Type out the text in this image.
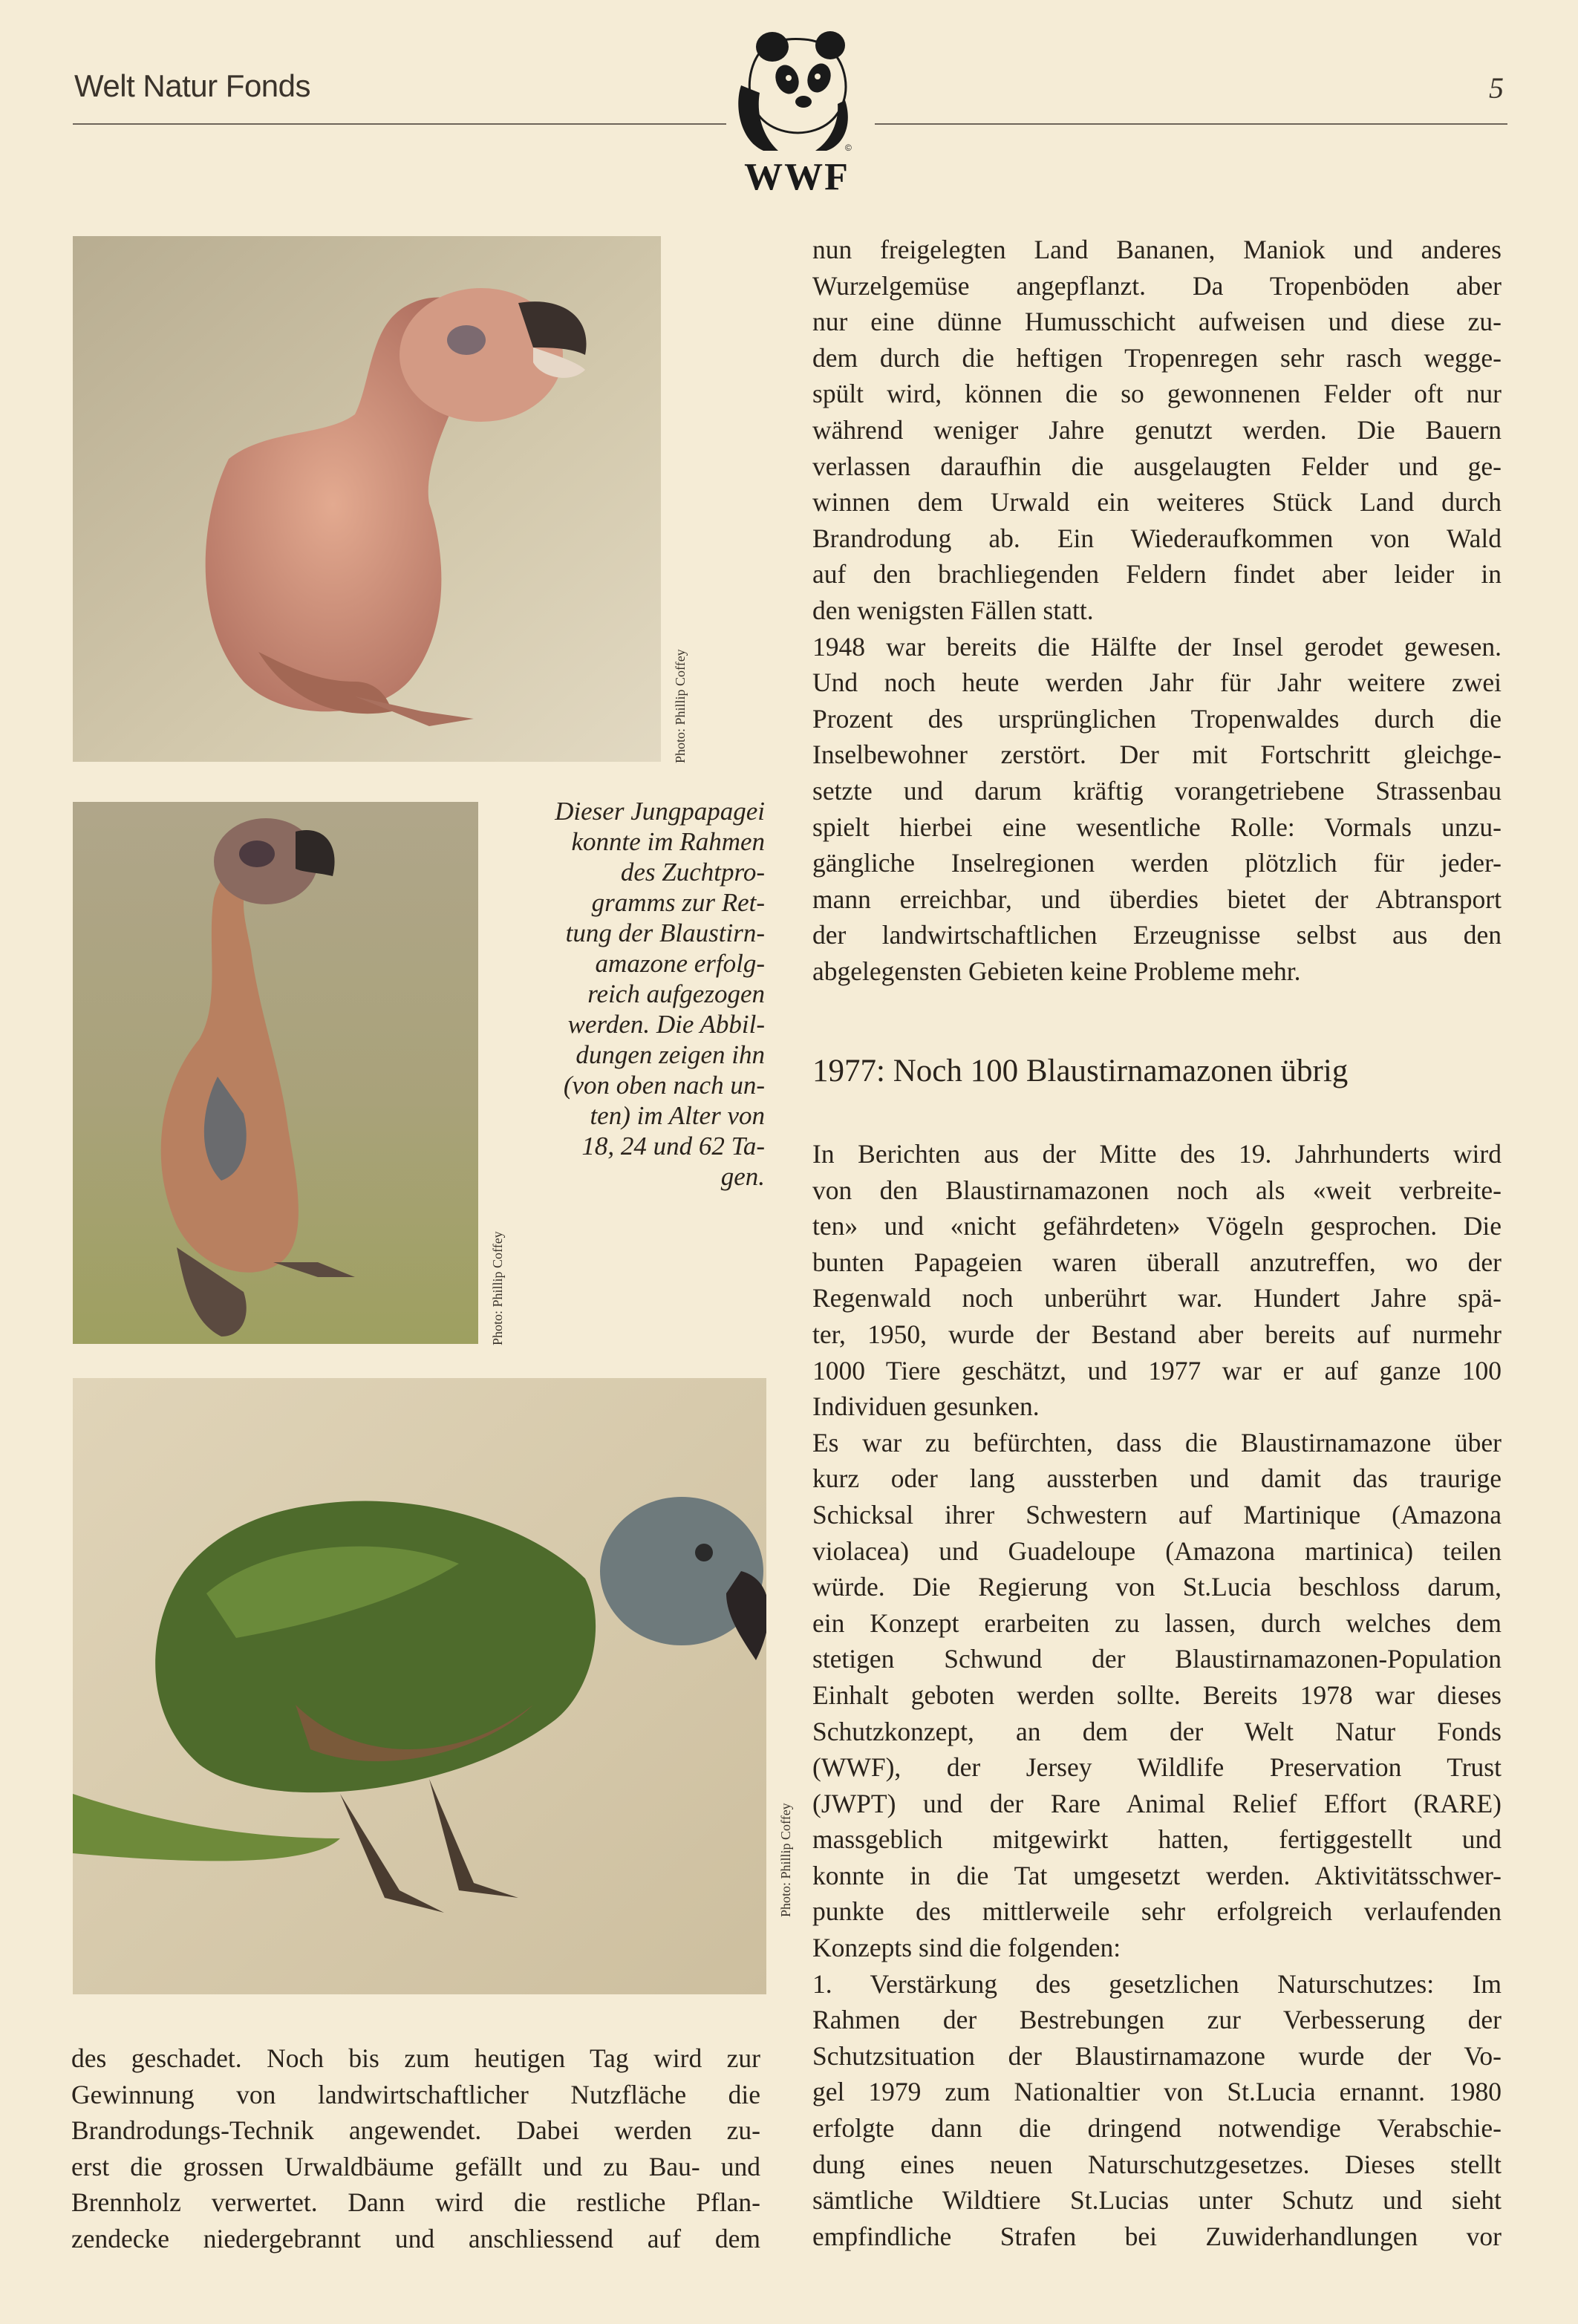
Welt Natur Fonds	5
©
WWF
Photo: Phillip Coffey
Photo: Phillip Coffey
Dieser Jungpapagei
konnte im Rahmen
des Zuchtpro-
gramms zur Ret-
tung der Blaustirn-
amazone erfolg-
reich aufgezogen
werden. Die Abbil-
dungen zeigen ihn
(von oben nach un-
ten) im Alter von
18, 24 und 62 Ta-
gen.
Photo: Phillip Coffey
nun freigelegten Land Bananen, Maniok und anderes
Wurzelgemüse angepflanzt. Da Tropenböden aber
nur eine dünne Humusschicht aufweisen und diese zu-
dem durch die heftigen Tropenregen sehr rasch wegge-
spült wird, können die so gewonnenen Felder oft nur
während weniger Jahre genutzt werden. Die Bauern
verlassen daraufhin die ausgelaugten Felder und ge-
winnen dem Urwald ein weiteres Stück Land durch
Brandrodung ab. Ein Wiederaufkommen von Wald
auf den brachliegenden Feldern findet aber leider in
den wenigsten Fällen statt.
1948 war bereits die Hälfte der Insel gerodet gewesen.
Und noch heute werden Jahr für Jahr weitere zwei
Prozent des ursprünglichen Tropenwaldes durch die
Inselbewohner zerstört. Der mit Fortschritt gleichge-
setzte und darum kräftig vorangetriebene Strassenbau
spielt hierbei eine wesentliche Rolle: Vormals unzu-
gängliche Inselregionen werden plötzlich für jeder-
mann erreichbar, und überdies bietet der Abtransport
der landwirtschaftlichen Erzeugnisse selbst aus den
abgelegensten Gebieten keine Probleme mehr.
1977: Noch 100 Blaustirnamazonen übrig
In Berichten aus der Mitte des 19. Jahrhunderts wird
von den Blaustirnamazonen noch als «weit verbreite-
ten» und «nicht gefährdeten» Vögeln gesprochen. Die
bunten Papageien waren überall anzutreffen, wo der
Regenwald noch unberührt war. Hundert Jahre spä-
ter, 1950, wurde der Bestand aber bereits auf nurmehr
1000 Tiere geschätzt, und 1977 war er auf ganze 100
Individuen gesunken.
Es war zu befürchten, dass die Blaustirnamazone über
kurz oder lang aussterben und damit das traurige
Schicksal ihrer Schwestern auf Martinique (Amazona
violacea) und Guadeloupe (Amazona martinica) teilen
würde. Die Regierung von St.Lucia beschloss darum,
ein Konzept erarbeiten zu lassen, durch welches dem
stetigen Schwund der Blaustirnamazonen-Population
Einhalt geboten werden sollte. Bereits 1978 war dieses
Schutzkonzept, an dem der Welt Natur Fonds
(WWF), der Jersey Wildlife Preservation Trust
(JWPT) und der Rare Animal Relief Effort (RARE)
massgeblich mitgewirkt hatten, fertiggestellt und
konnte in die Tat umgesetzt werden. Aktivitätsschwer-
punkte des mittlerweile sehr erfolgreich verlaufenden
Konzepts sind die folgenden:
1. Verstärkung des gesetzlichen Naturschutzes: Im
Rahmen der Bestrebungen zur Verbesserung der
Schutzsituation der Blaustirnamazone wurde der Vo-
gel 1979 zum Nationaltier von St.Lucia ernannt. 1980
erfolgte dann die dringend notwendige Verabschie-
dung eines neuen Naturschutzgesetzes. Dieses stellt
sämtliche Wildtiere St.Lucias unter Schutz und sieht
empfindliche Strafen bei Zuwiderhandlungen vor
des geschadet. Noch bis zum heutigen Tag wird zur
Gewinnung von landwirtschaftlicher Nutzfläche die
Brandrodungs-Technik angewendet. Dabei werden zu-
erst die grossen Urwaldbäume gefällt und zu Bau- und
Brennholz verwertet. Dann wird die restliche Pflan-
zendecke niedergebrannt und anschliessend auf dem
